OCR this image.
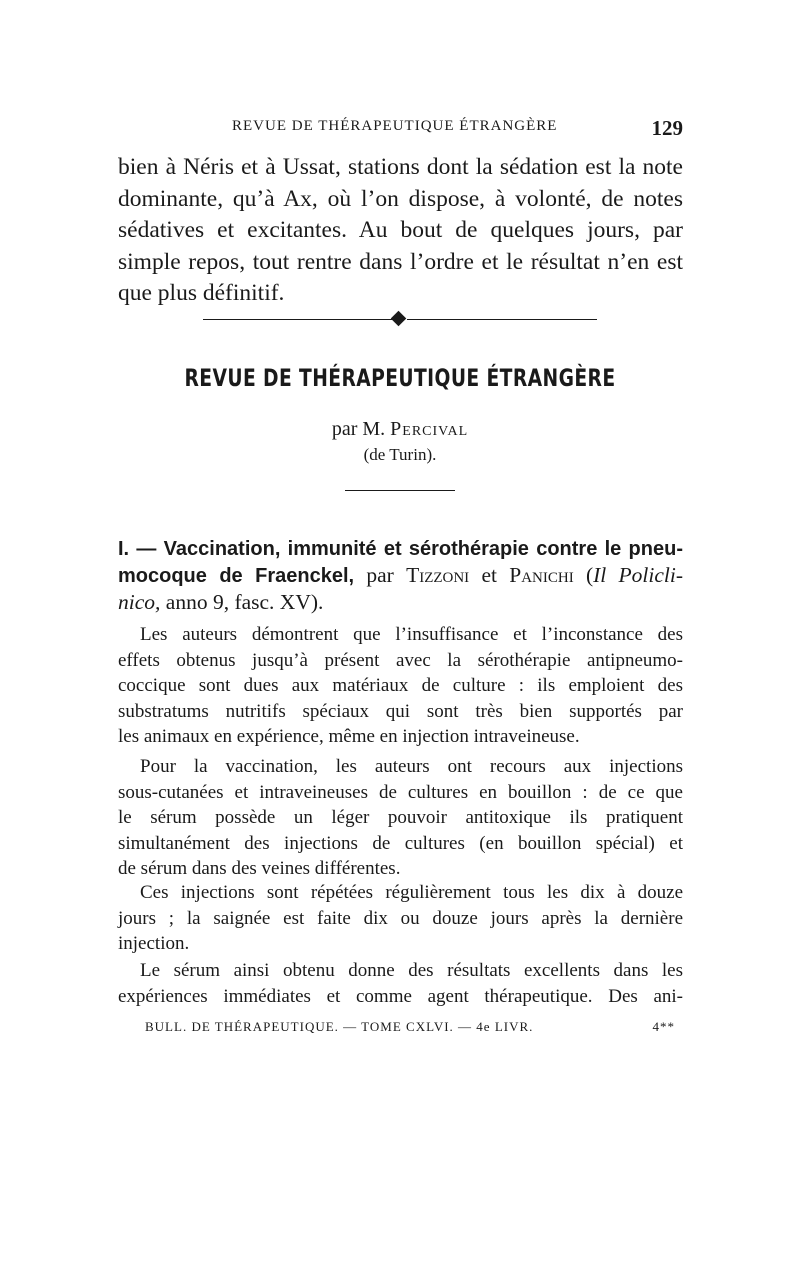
REVUE DE THÉRAPEUTIQUE ÉTRANGÈRE	129
bien à Néris et à Ussat, stations dont la sédation est la note
dominante, qu’à Ax, où l’on dispose, à volonté, de notes
sédatives et excitantes. Au bout de quelques jours, par
simple repos, tout rentre dans l’ordre et le résultat n’en est
que plus définitif.
REVUE DE THÉRAPEUTIQUE ÉTRANGÈRE
par M. Percival
(de Turin).
I. — Vaccination, immunité et sérothérapie contre le pneu-
mocoque de Fraenckel, par Tizzoni et Panichi (Il Policli-
nico, anno 9, fasc. XV).
Les auteurs démontrent que l’insuffisance et l’inconstance des
effets obtenus jusqu’à présent avec la sérothérapie antipneumo-
coccique sont dues aux matériaux de culture : ils emploient des
substratums nutritifs spéciaux qui sont très bien supportés par
les animaux en expérience, même en injection intraveineuse.
Pour la vaccination, les auteurs ont recours aux injections
sous-cutanées et intraveineuses de cultures en bouillon : de ce que
le sérum possède un léger pouvoir antitoxique ils pratiquent
simultanément des injections de cultures (en bouillon spécial) et
de sérum dans des veines différentes.
Ces injections sont répétées régulièrement tous les dix à douze
jours ; la saignée est faite dix ou douze jours après la dernière
injection.
Le sérum ainsi obtenu donne des résultats excellents dans les
expériences immédiates et comme agent thérapeutique. Des ani-
BULL. DE THÉRAPEUTIQUE. — TOME CXLVI. — 4e LIVR.	4**
